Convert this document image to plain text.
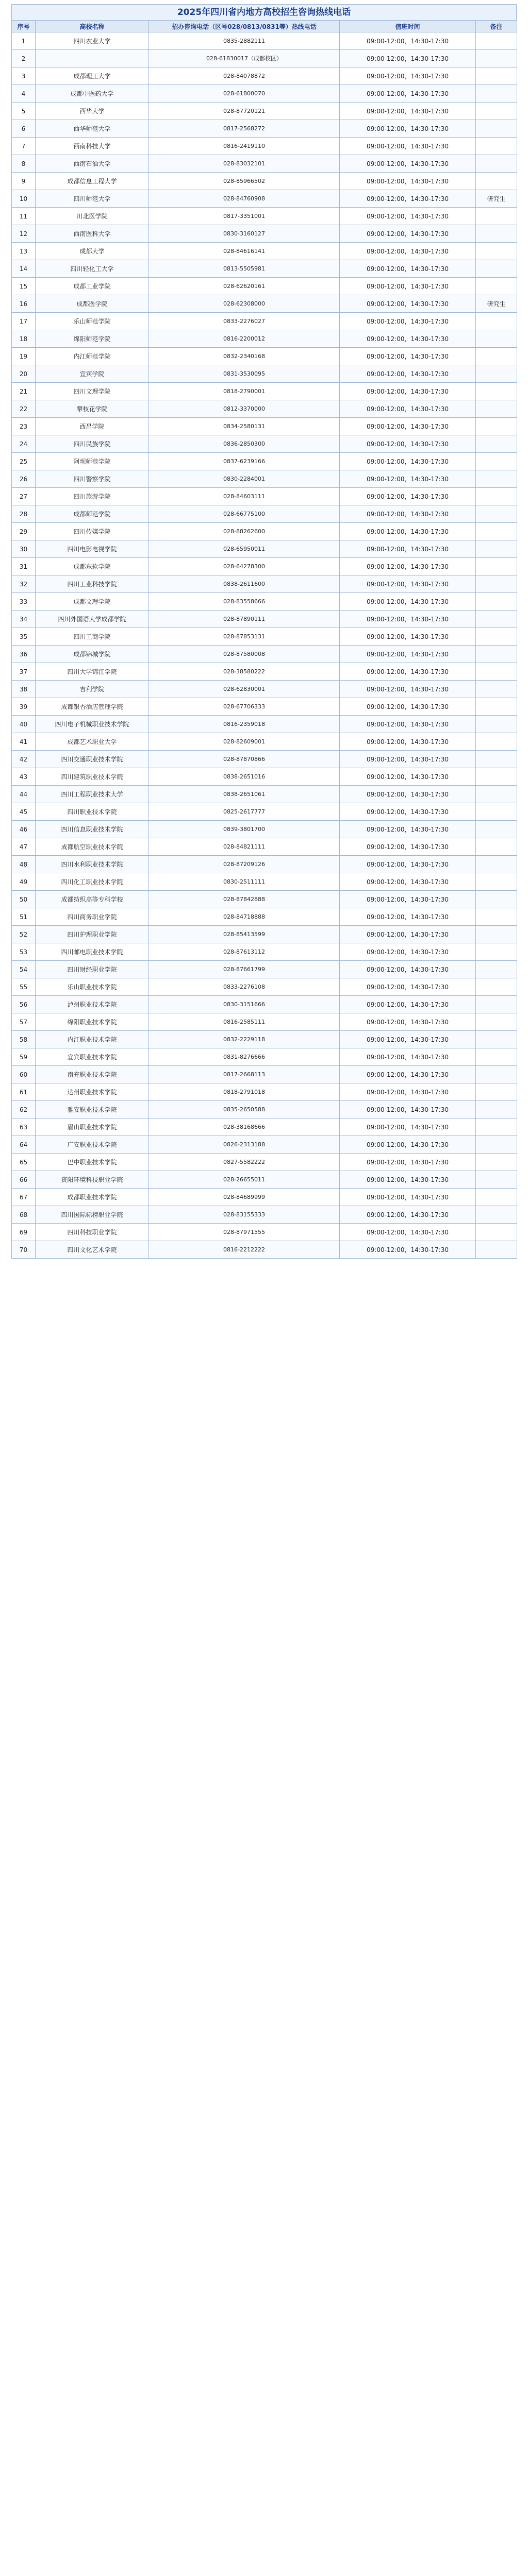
2025年四川省内地方高校招生咨询热线电话
序号	高校名称	招办咨询电话（区号028/0813/0831等）热线电话	值班时间	备注
1	四川农业大学	0835-2882111	09:00-12:00，14:30-17:30	
2		028-61830017（成都校区）	09:00-12:00，14:30-17:30	
3	成都理工大学	028-84078872	09:00-12:00，14:30-17:30	
4	成都中医药大学	028-61800070	09:00-12:00，14:30-17:30	
5	西华大学	028-87720121	09:00-12:00，14:30-17:30	
6	西华师范大学	0817-2568272	09:00-12:00，14:30-17:30	
7	西南科技大学	0816-2419110	09:00-12:00，14:30-17:30	
8	西南石油大学	028-83032101	09:00-12:00，14:30-17:30	
9	成都信息工程大学	028-85966502	09:00-12:00，14:30-17:30	
10	四川师范大学	028-84760908	09:00-12:00，14:30-17:30	研究生
11	川北医学院	0817-3351001	09:00-12:00，14:30-17:30	
12	西南医科大学	0830-3160127	09:00-12:00，14:30-17:30	
13	成都大学	028-84616141	09:00-12:00，14:30-17:30	
14	四川轻化工大学	0813-5505981	09:00-12:00，14:30-17:30	
15	成都工业学院	028-62620161	09:00-12:00，14:30-17:30	
16	成都医学院	028-62308000	09:00-12:00，14:30-17:30	研究生
17	乐山师范学院	0833-2276027	09:00-12:00，14:30-17:30	
18	绵阳师范学院	0816-2200012	09:00-12:00，14:30-17:30	
19	内江师范学院	0832-2340168	09:00-12:00，14:30-17:30	
20	宜宾学院	0831-3530095	09:00-12:00，14:30-17:30	
21	四川文理学院	0818-2790001	09:00-12:00，14:30-17:30	
22	攀枝花学院	0812-3370000	09:00-12:00，14:30-17:30	
23	西昌学院	0834-2580131	09:00-12:00，14:30-17:30	
24	四川民族学院	0836-2850300	09:00-12:00，14:30-17:30	
25	阿坝师范学院	0837-6239166	09:00-12:00，14:30-17:30	
26	四川警察学院	0830-2284001	09:00-12:00，14:30-17:30	
27	四川旅游学院	028-84603111	09:00-12:00，14:30-17:30	
28	成都师范学院	028-66775100	09:00-12:00，14:30-17:30	
29	四川传媒学院	028-88262600	09:00-12:00，14:30-17:30	
30	四川电影电视学院	028-65950011	09:00-12:00，14:30-17:30	
31	成都东软学院	028-64278300	09:00-12:00，14:30-17:30	
32	四川工业科技学院	0838-2611600	09:00-12:00，14:30-17:30	
33	成都文理学院	028-83558666	09:00-12:00，14:30-17:30	
34	四川外国语大学成都学院	028-87890111	09:00-12:00，14:30-17:30	
35	四川工商学院	028-87853131	09:00-12:00，14:30-17:30	
36	成都锦城学院	028-87580008	09:00-12:00，14:30-17:30	
37	四川大学锦江学院	028-38580222	09:00-12:00，14:30-17:30	
38	吉利学院	028-62830001	09:00-12:00，14:30-17:30	
39	成都银杏酒店管理学院	028-67706333	09:00-12:00，14:30-17:30	
40	四川电子机械职业技术学院	0816-2359018	09:00-12:00，14:30-17:30	
41	成都艺术职业大学	028-82609001	09:00-12:00，14:30-17:30	
42	四川交通职业技术学院	028-87870866	09:00-12:00，14:30-17:30	
43	四川建筑职业技术学院	0838-2651016	09:00-12:00，14:30-17:30	
44	四川工程职业技术大学	0838-2651061	09:00-12:00，14:30-17:30	
45	四川职业技术学院	0825-2617777	09:00-12:00，14:30-17:30	
46	四川信息职业技术学院	0839-3801700	09:00-12:00，14:30-17:30	
47	成都航空职业技术学院	028-84821111	09:00-12:00，14:30-17:30	
48	四川水利职业技术学院	028-87209126	09:00-12:00，14:30-17:30	
49	四川化工职业技术学院	0830-2511111	09:00-12:00，14:30-17:30	
50	成都纺织高等专科学校	028-87842888	09:00-12:00，14:30-17:30	
51	四川商务职业学院	028-84718888	09:00-12:00，14:30-17:30	
52	四川护理职业学院	028-85413599	09:00-12:00，14:30-17:30	
53	四川邮电职业技术学院	028-87613112	09:00-12:00，14:30-17:30	
54	四川财经职业学院	028-87661799	09:00-12:00，14:30-17:30	
55	乐山职业技术学院	0833-2276108	09:00-12:00，14:30-17:30	
56	泸州职业技术学院	0830-3151666	09:00-12:00，14:30-17:30	
57	绵阳职业技术学院	0816-2585111	09:00-12:00，14:30-17:30	
58	内江职业技术学院	0832-2229118	09:00-12:00，14:30-17:30	
59	宜宾职业技术学院	0831-8276666	09:00-12:00，14:30-17:30	
60	南充职业技术学院	0817-2668113	09:00-12:00，14:30-17:30	
61	达州职业技术学院	0818-2791018	09:00-12:00，14:30-17:30	
62	雅安职业技术学院	0835-2650588	09:00-12:00，14:30-17:30	
63	眉山职业技术学院	028-38168666	09:00-12:00，14:30-17:30	
64	广安职业技术学院	0826-2313188	09:00-12:00，14:30-17:30	
65	巴中职业技术学院	0827-5582222	09:00-12:00，14:30-17:30	
66	资阳环境科技职业学院	028-26655011	09:00-12:00，14:30-17:30	
67	成都职业技术学院	028-84689999	09:00-12:00，14:30-17:30	
68	四川国际标榜职业学院	028-83155333	09:00-12:00，14:30-17:30	
69	四川科技职业学院	028-87971555	09:00-12:00，14:30-17:30	
70	四川文化艺术学院	0816-2212222	09:00-12:00，14:30-17:30	
